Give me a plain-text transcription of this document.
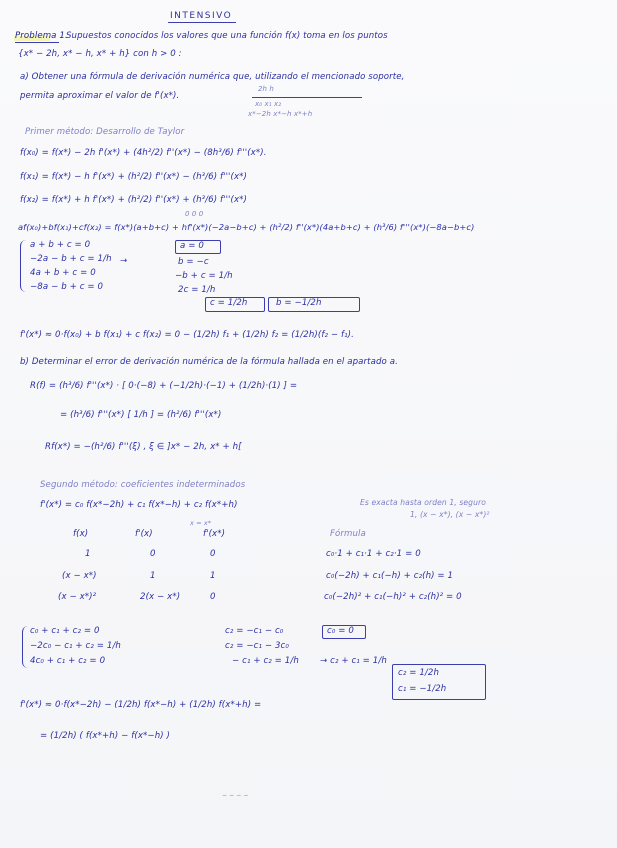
INTENSIVO
Problema 1.
Supuestos conocidos los valores que una función f(x) toma en los puntos
{x* − 2h, x* − h, x* + h} con h > 0 :
a) Obtener una fórmula de derivación numérica que, utilizando el mencionado soporte,
permita aproximar el valor de f'(x*).
2h h
x₀ x₁ x₂
x*−2h x*−h x*+h
Primer método: Desarrollo de Taylor
f(x₀) = f(x*) − 2h f'(x*) + (4h²/2) f''(x*) − (8h³/6) f'''(x*).
f(x₁) = f(x*) − h f'(x*) + (h²/2) f''(x*) − (h³/6) f'''(x*)
f(x₂) = f(x*) + h f'(x*) + (h²/2) f''(x*) + (h³/6) f'''(x*)
0 0 0
af(x₀)+bf(x₁)+cf(x₂) = f(x*)(a+b+c) + hf'(x*)(−2a−b+c) + (h²/2) f''(x*)(4a+b+c) + (h³/6) f'''(x*)(−8a−b+c)
a + b + c = 0
−2a − b + c = 1/h
4a + b + c = 0
−8a − b + c = 0
→
a = 0
b = −c
−b + c = 1/h
2c = 1/h
c = 1/2h	b = −1/2h
f'(x*) ≈ 0·f(x₀) + b f(x₁) + c f(x₂) = 0 − (1/2h) f₁ + (1/2h) f₂ = (1/2h)(f₂ − f₁).
b) Determinar el error de derivación numérica de la fórmula hallada en el apartado a.
R(f) = (h³/6) f'''(x*) · [ 0·(−8) + (−1/2h)·(−1) + (1/2h)·(1) ] =
= (h³/6) f'''(x*) [ 1/h ] = (h²/6) f'''(x*)
Rf(x*) = −(h²/6) f'''(ξ) , ξ ∈ ]x* − 2h, x* + h[
Segundo método: coeficientes indeterminados
f'(x*) = c₀ f(x*−2h) + c₁ f(x*−h) + c₂ f(x*+h)	Es exacta hasta orden 1, seguro
1, (x − x*), (x − x*)²
x = x*
f(x)	f'(x)	f'(x*)	Fórmula
1	0	0	c₀·1 + c₁·1 + c₂·1 = 0
(x − x*)	1	1	c₀(−2h) + c₁(−h) + c₂(h) = 1
(x − x*)²	2(x − x*)	0	c₀(−2h)² + c₁(−h)² + c₂(h)² = 0
c₀ + c₁ + c₂ = 0
−2c₀ − c₁ + c₂ = 1/h
4c₀ + c₁ + c₂ = 0
c₂ = −c₁ − c₀
c₂ = −c₁ − 3c₀
− c₁ + c₂ = 1/h
c₀ = 0
→ c₂ + c₁ = 1/h
c₂ = 1/2h
c₁ = −1/2h
f'(x*) ≈ 0·f(x*−2h) − (1/2h) f(x*−h) + (1/2h) f(x*+h) =
= (1/2h) ( f(x*+h) − f(x*−h) )
− − − −
